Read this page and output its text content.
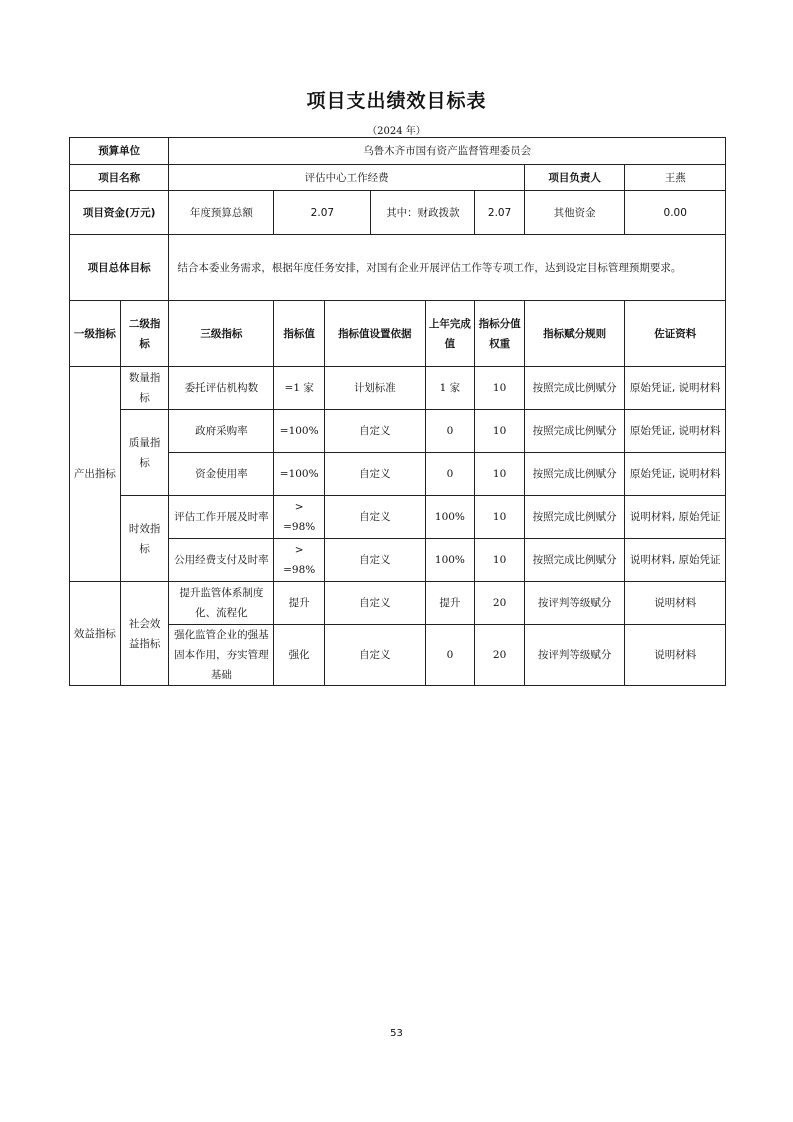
项目支出绩效目标表
（2024 年）
预算单位		乌鲁木齐市国有资产监督管理委员会							
项目名称		评估中心工作经费						项目负责人	王燕
项目资金(万元)		年度预算总额	2.07		其中：财政拨款		2.07	其他资金	0.00
项目总体目标		结合本委业务需求，根据年度任务安排，对国有企业开展评估工作等专项工作，达到设定目标管理预期要求。							
一级指标	二级指标	三级指标	指标值	指标值设置依据		上年完成值	指标分值权重	指标赋分规则	佐证资料
产出指标	数量指标	委托评估机构数	=1 家	计划标准		1 家	10	按照完成比例赋分	原始凭证, 说明材料
	质量指标	政府采购率	=100%	自定义		0	10	按照完成比例赋分	原始凭证, 说明材料
		资金使用率	=100%	自定义		0	10	按照完成比例赋分	原始凭证, 说明材料
	时效指标	评估工作开展及时率	> =98%	自定义		100%	10	按照完成比例赋分	说明材料, 原始凭证
		公用经费支付及时率	> =98%	自定义		100%	10	按照完成比例赋分	说明材料, 原始凭证
效益指标	社会效益指标	提升监管体系制度化、流程化	提升	自定义		提升	20	按评判等级赋分	说明材料
		强化监管企业的强基固本作用，夯实管理基础	强化	自定义		0	20	按评判等级赋分	说明材料
53
